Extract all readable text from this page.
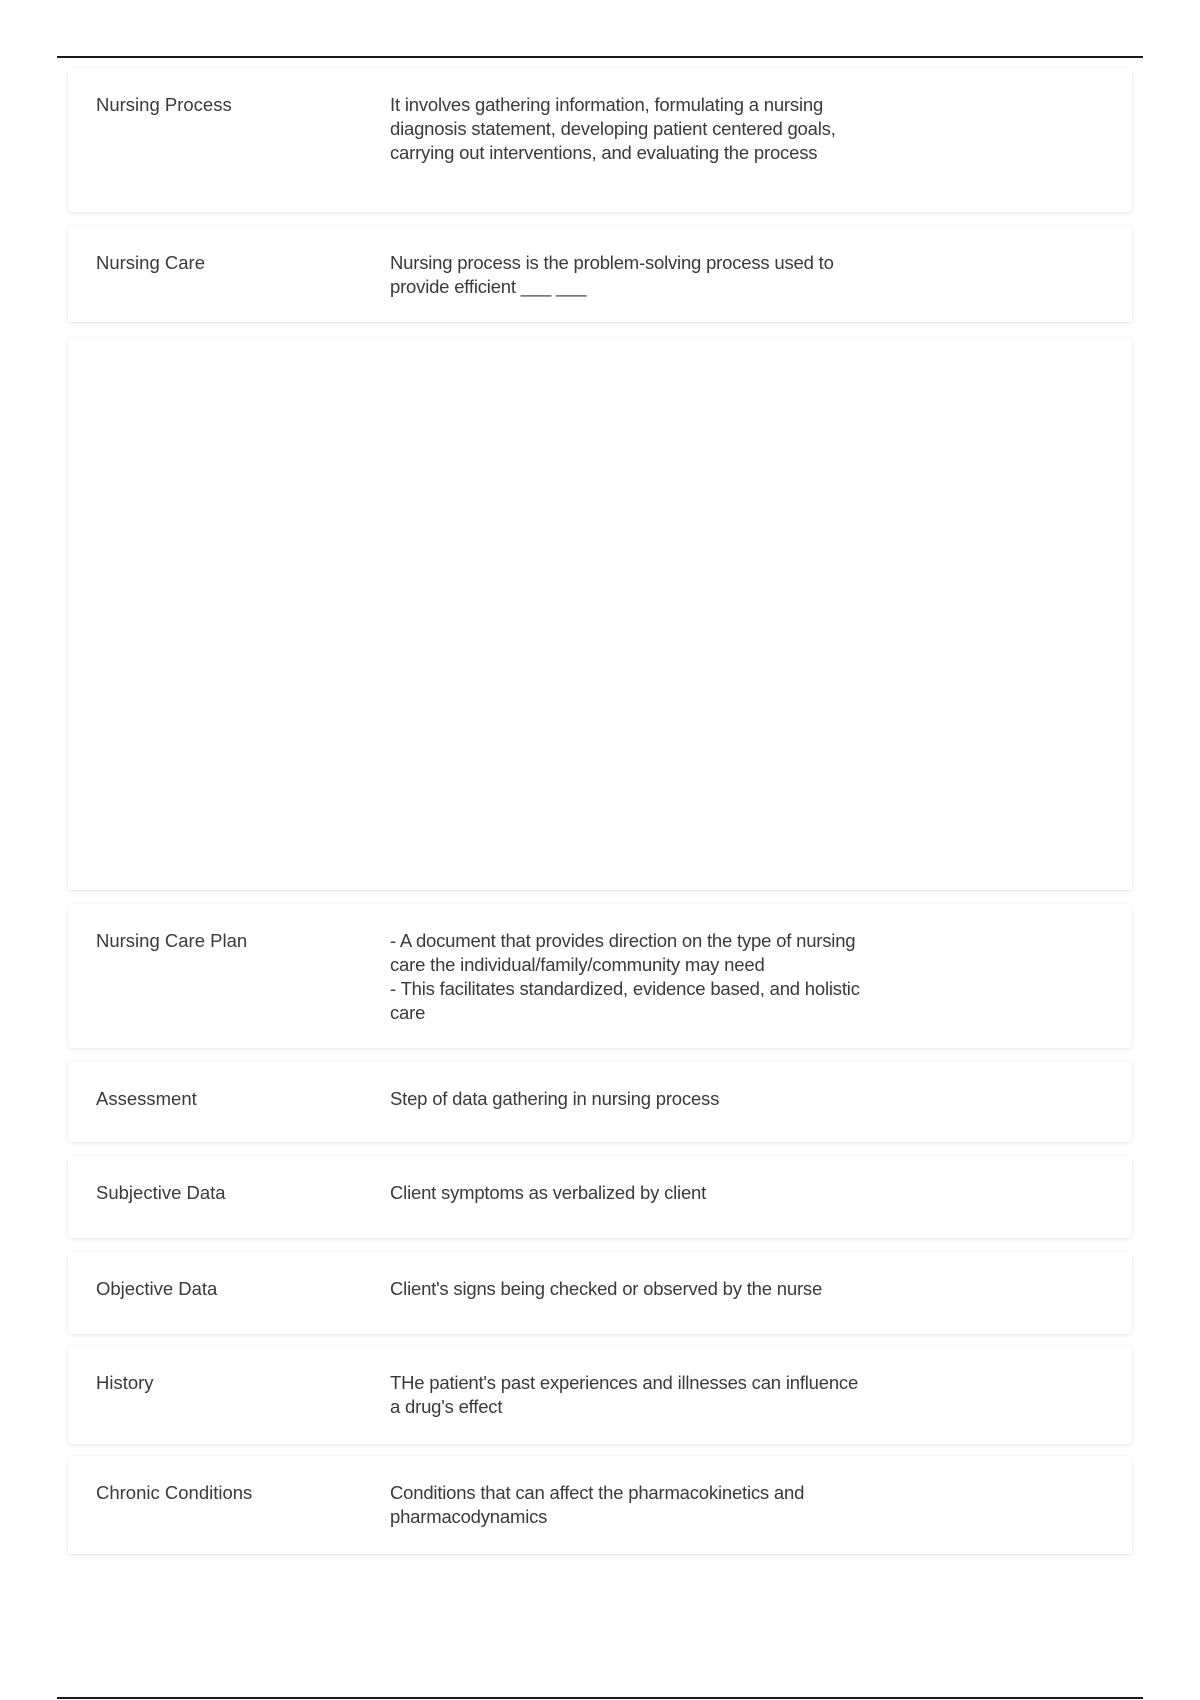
Nursing Process	It involves gathering information, formulating a nursing diagnosis statement, developing patient centered goals, carrying out interventions, and evaluating the process
Nursing Care	Nursing process is the problem-solving process used to provide efficient ___ ___
Nursing Care Plan	- A document that provides direction on the type of nursing care the individual/family/community may need
- This facilitates standardized, evidence based, and holistic care
Assessment	Step of data gathering in nursing process
Subjective Data	Client symptoms as verbalized by client
Objective Data	Client's signs being checked or observed by the nurse
History	THe patient's past experiences and illnesses can influence a drug's effect
Chronic Conditions	Conditions that can affect the pharmacokinetics and pharmacodynamics
